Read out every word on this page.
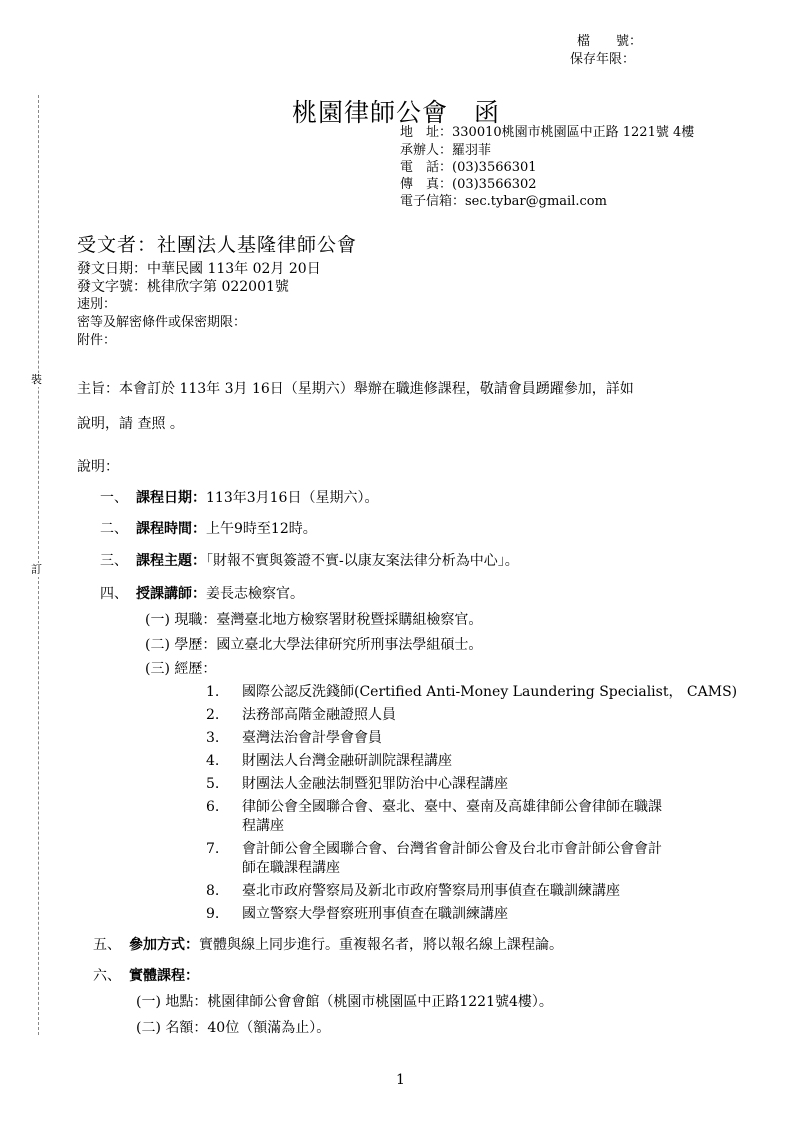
裝
訂
檔　　號：
保存年限：
桃園律師公會　函
地　址：330010桃園市桃園區中正路 1221號 4樓
承辦人：羅羽菲
電　話：(03)3566301
傳　真：(03)3566302
電子信箱：sec.tybar@gmail.com
受文者：社團法人基隆律師公會
發文日期：中華民國 113年 02月 20日
發文字號：桃律欣字第 022001號
速別：
密等及解密條件或保密期限：
附件：
主旨：本會訂於 113年 3月 16日（星期六）舉辦在職進修課程，敬請會員踴躍參加，詳如
說明，請 查照 。
說明：
一、 課程日期：113年3月16日（星期六）。
二、 課程時間：上午9時至12時。
三、 課程主題：「財報不實與簽證不實-以康友案法律分析為中心」。
四、 授課講師：姜長志檢察官。
(一) 現職：臺灣臺北地方檢察署財稅暨採購組檢察官。
(二) 學歷：國立臺北大學法律研究所刑事法學組碩士。
(三) 經歷：
1. 國際公認反洗錢師(Certified Anti-Money Laundering Specialist， CAMS)
2. 法務部高階金融證照人員
3. 臺灣法治會計學會會員
4. 財團法人台灣金融研訓院課程講座
5. 財團法人金融法制暨犯罪防治中心課程講座
6. 律師公會全國聯合會、臺北、臺中、臺南及高雄律師公會律師在職課
程講座
7. 會計師公會全國聯合會、台灣省會計師公會及台北市會計師公會會計
師在職課程講座
8. 臺北市政府警察局及新北市政府警察局刑事偵查在職訓練講座
9. 國立警察大學督察班刑事偵查在職訓練講座
五、 參加方式：實體與線上同步進行。重複報名者，將以報名線上課程論。
六、 實體課程：
(一) 地點：桃園律師公會會館（桃園市桃園區中正路1221號4樓）。
(二) 名額：40位（額滿為止）。
1
